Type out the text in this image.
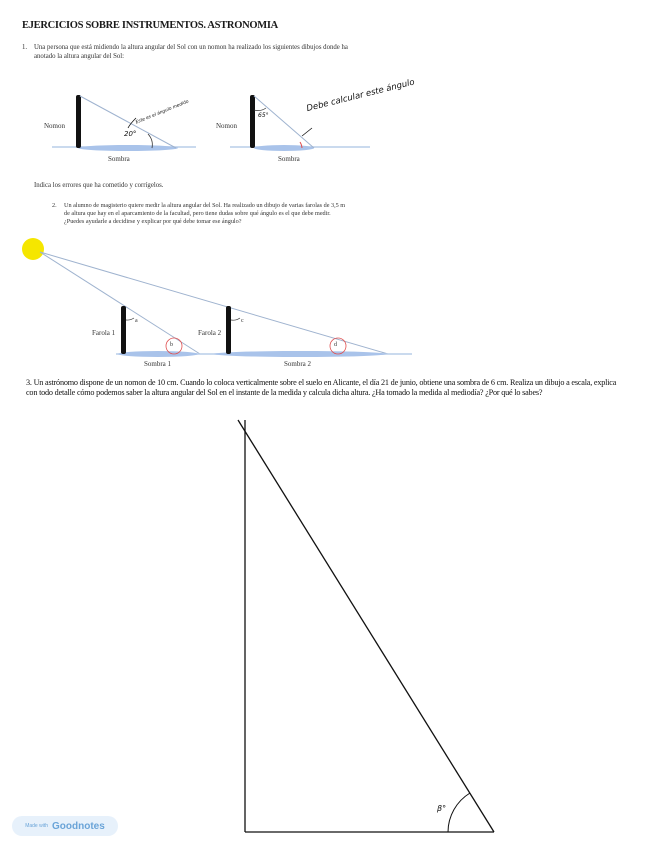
EJERCICIOS SOBRE INSTRUMENTOS. ASTRONOMIA
1. Una persona que está midiendo la altura angular del Sol con un nomon ha realizado los siguientes dibujos donde ha anotado la altura angular del Sol:
Nomon
Sombra
20°
Este es el ángulo medido
Nomon
Sombra
65°
Debe calcular este ángulo
Indica los errores que ha cometido y corrígelos.
2. Un alumno de magisterio quiere medir la altura angular del Sol. Ha realizado un dibujo de varias farolas de 3,5 m de altura que hay en el aparcamiento de la facultad, pero tiene dudas sobre qué ángulo es el que debe medir. ¿Puedes ayudarle a decidirse y explicar por qué debe tomar ese ángulo?
Farola 1	Farola 2
Sombra 1	Sombra 2
a
b
c
d
3. Un astrónomo dispone de un nomon de 10 cm. Cuando lo coloca verticalmente sobre el suelo en Alicante, el día 21 de junio, obtiene una sombra de 6 cm. Realiza un dibujo a escala, explica con todo detalle cómo podemos saber la altura angular del Sol en el instante de la medida y calcula dicha altura. ¿Ha tomado la medida al mediodía? ¿Por qué lo sabes?
β°
Made with Goodnotes
